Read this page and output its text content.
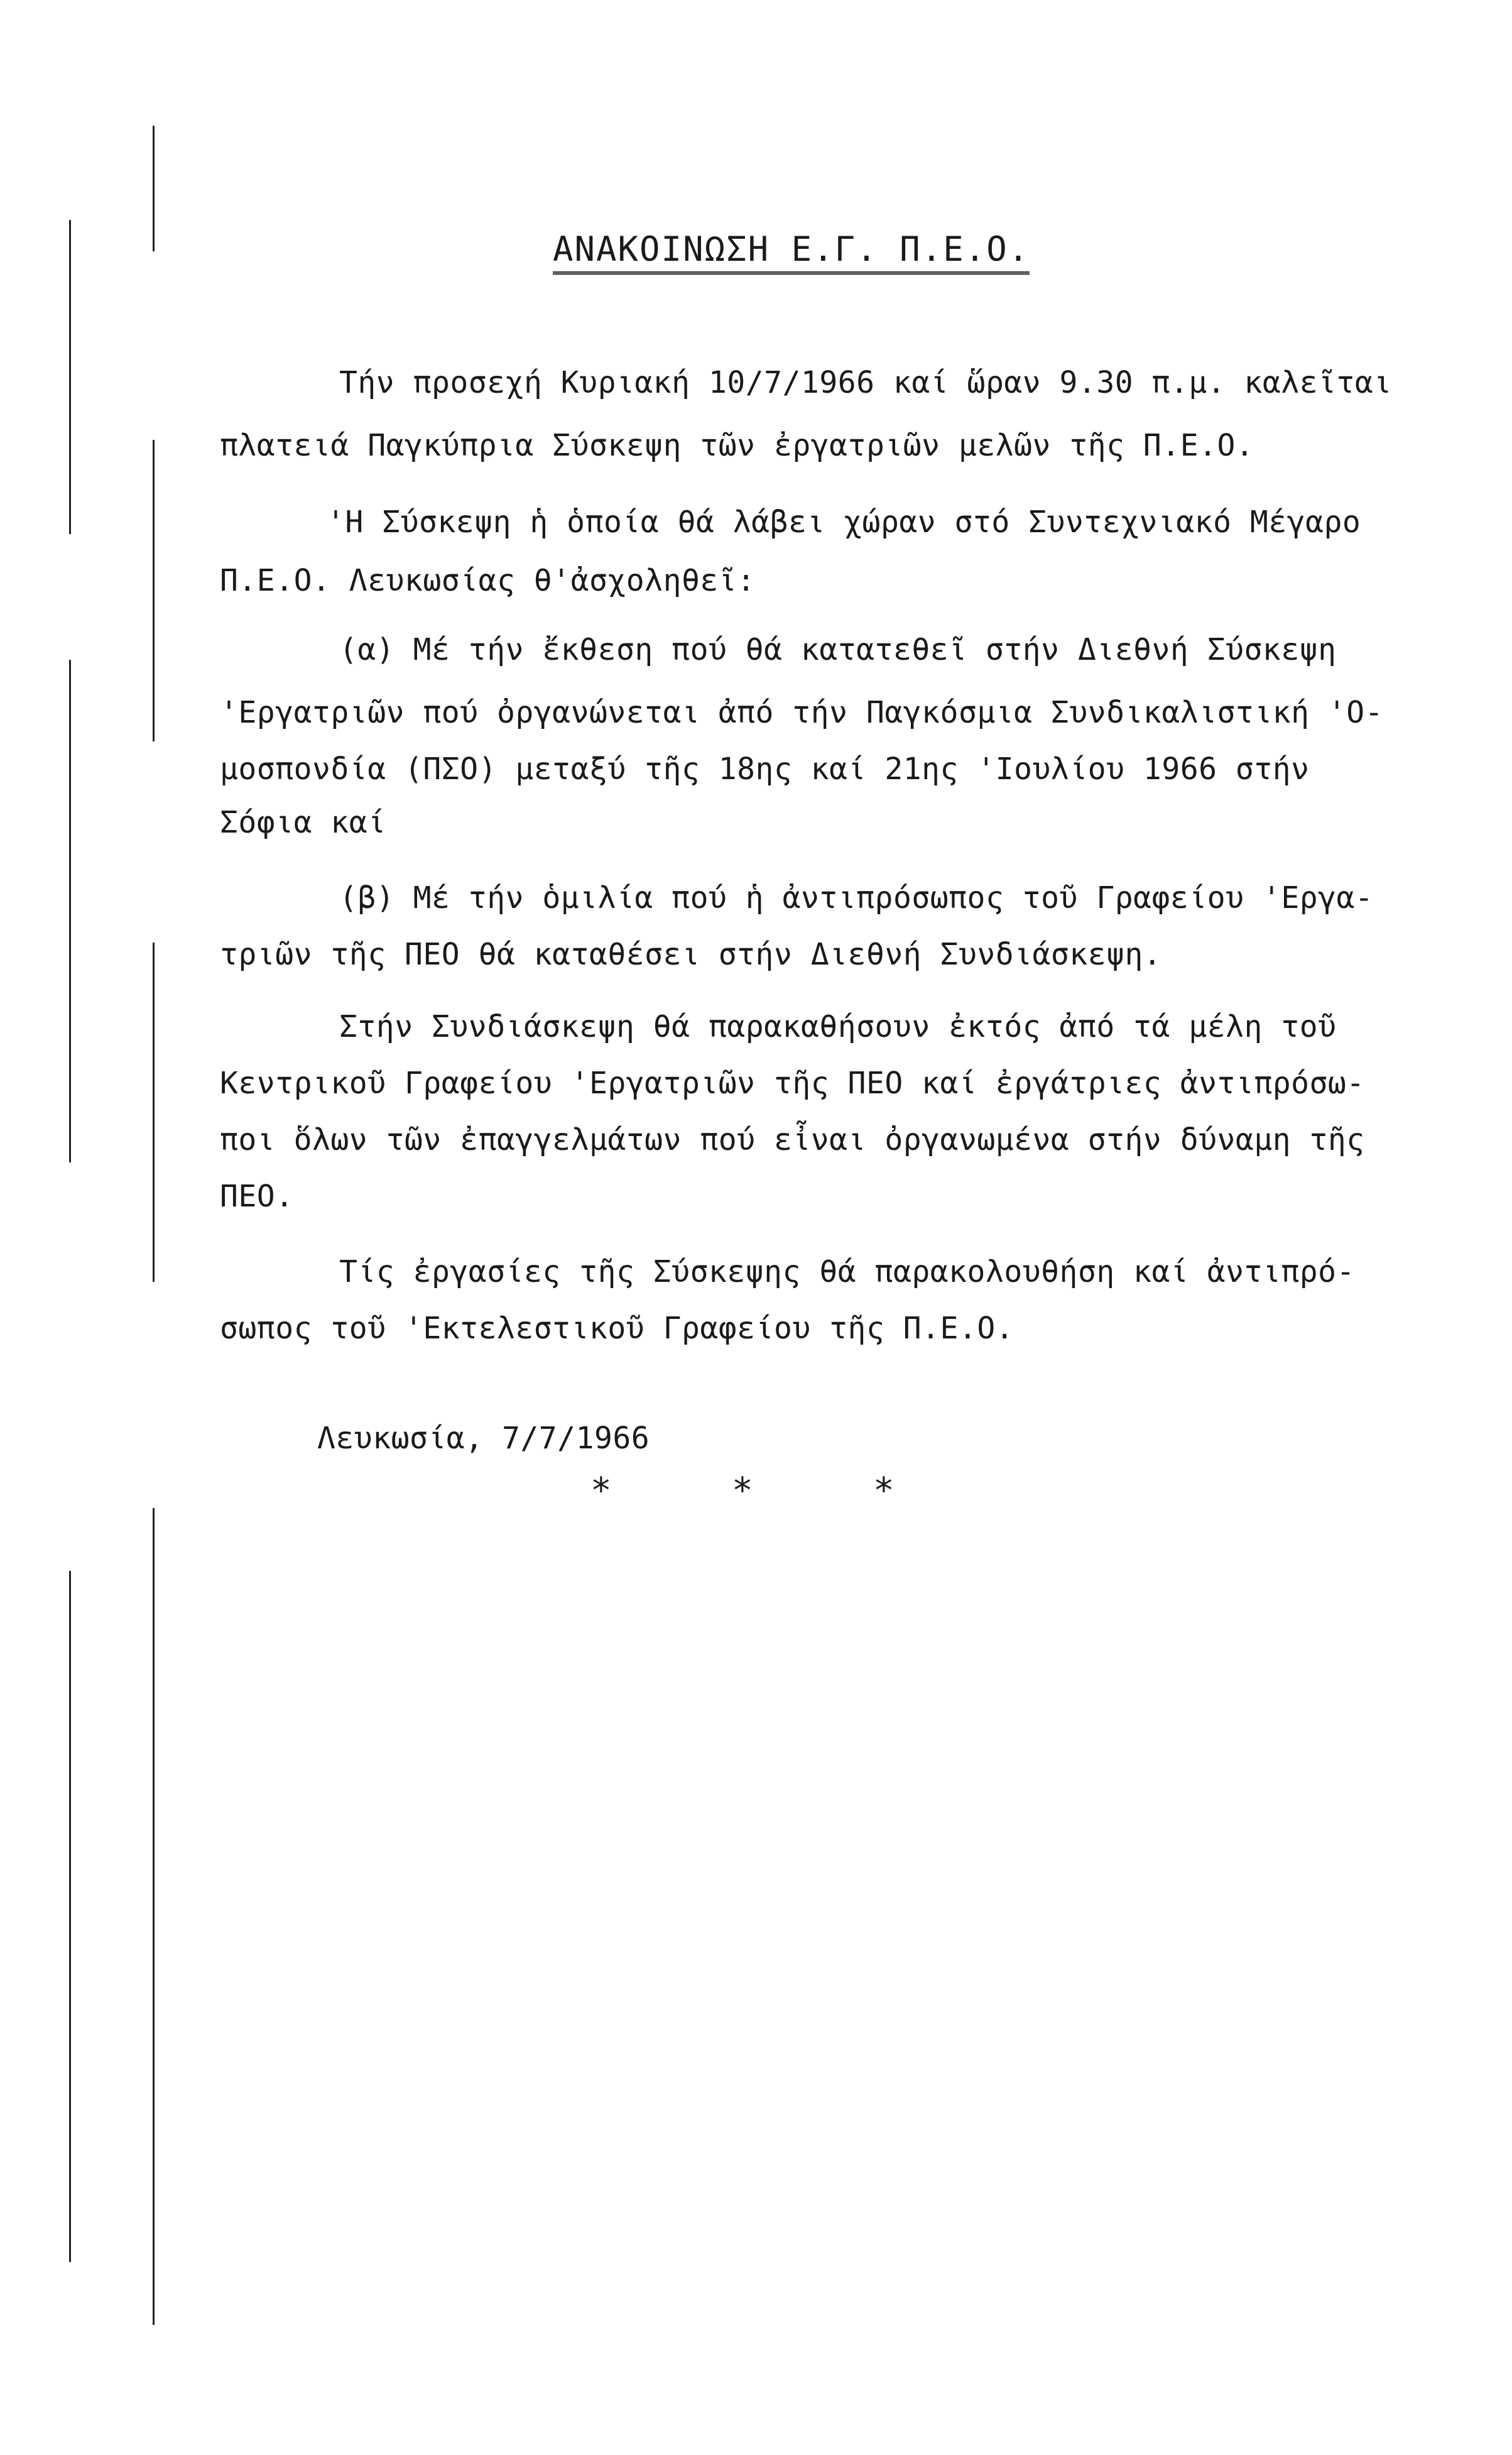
ΑΝΑΚΟΙΝΩΣΗ Ε.Γ. Π.Ε.Ο.
Τήν προσεχή Κυριακή 10/7/1966 καί ὥραν 9.30 π.μ. καλεῖται
πλατειά Παγκύπρια Σύσκεψη τῶν ἐργατριῶν μελῶν τῆς Π.Ε.Ο.
'Η Σύσκεψη ἡ ὁποία θά λάβει χώραν στό Συντεχνιακό Μέγαρο
Π.Ε.Ο. Λευκωσίας θ'ἀσχοληθεῖ:
(α) Μέ τήν ἔκθεση πού θά κατατεθεῖ στήν Διεθνή Σύσκεψη
'Εργατριῶν πού ὀργανώνεται ἀπό τήν Παγκόσμια Συνδικαλιστική 'Ο-
μοσπονδία (ΠΣΟ) μεταξύ τῆς 18ης καί 21ης 'Ιουλίου 1966 στήν
Σόφια καί
(β) Μέ τήν ὁμιλία πού ἡ ἀντιπρόσωπος τοῦ Γραφείου 'Εργα-
τριῶν τῆς ΠΕΟ θά καταθέσει στήν Διεθνή Συνδιάσκεψη.
Στήν Συνδιάσκεψη θά παρακαθήσουν ἐκτός ἀπό τά μέλη τοῦ
Κεντρικοῦ Γραφείου 'Εργατριῶν τῆς ΠΕΟ καί ἐργάτριες ἀντιπρόσω-
ποι ὅλων τῶν ἐπαγγελμάτων πού εἶναι ὀργανωμένα στήν δύναμη τῆς
ΠΕΟ.
Τίς ἐργασίες τῆς Σύσκεψης θά παρακολουθήση καί ἀντιπρό-
σωπος τοῦ 'Εκτελεστικοῦ Γραφείου τῆς Π.Ε.Ο.
Λευκωσία, 7/7/1966
*	*	*
